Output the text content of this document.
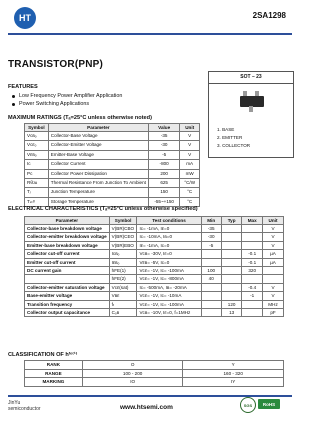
HT	2SA1298
TRANSISTOR(PNP)
FEATURES
Low Frequency Power Amplifier Application
Power Switching Applications
SOT – 23
1. BASE
2. EMITTER
3. COLLECTOR
MAXIMUM RATINGS (Tₐ=25°C unless otherwise noted)
Symbol	Parameter	Value	Unit
Vᴄʙₒ	Collector-Base Voltage	-35	V
Vᴄᴇₒ	Collector-Emitter Voltage	-30	V
Vᴇʙₒ	Emitter-Base Voltage	-5	V
Iᴄ	Collector Current	-800	mA
Pᴄ	Collector Power Dissipation	200	mW
Rθᴊᴀ	Thermal Resistance From Junction To Ambient	625	°C/W
Tⱼ	Junction Temperature	150	°C
Tₛₜᵍ	Storage Temperature	-55~+150	°C
ELECTRICAL CHARACTERISTICS (Tₐ=25°C unless otherwise specified)
Parameter	Symbol	Test conditions	Min	Typ	Max	Unit
Collector-base breakdown voltage	V(BR)CBO	Iᴄ= -1mA, Iᴇ=0	-35			V
Collector-emitter breakdown voltage	V(BR)CEO	Iᴄ= -10mA, Iʙ=0	-30			V
Emitter-base breakdown voltage	V(BR)EBO	Iᴇ= -1mA, Iᴄ=0	-5			V
Collector cut-off current	Iᴄʙₒ	Vᴄʙ= -30V, Iᴇ=0			-0.1	µA
Emitter cut-off current	Iᴇʙₒ	Vᴇʙ= -5V, Iᴄ=0			-0.1	µA
DC current gain	hFE(1)	Vᴄᴇ= -1V, Iᴄ= -100mA	100		320	
	hFE(2)	Vᴄᴇ= -1V, Iᴄ= -800mA	40			
Collector-emitter saturation voltage	Vᴄᴇ(sat)	Iᴄ= -500mA, Iʙ= -20mA			-0.4	V
Base-emitter voltage	Vʙᴇ	Vᴄᴇ= -1V, Iᴄ= -10mA			-1	V
Transition frequency	fₜ	Vᴄᴇ= -1V, Iᴄ= -100mA		120		MHz
Collector output capacitance	Cₒʙ	Vᴄʙ= -10V, Iᴇ=0, f=1MHz		13		pF
CLASSIFICATION OF hᶠᵉ⁽¹⁾
RANK	O	Y
RANGE	100 - 200	160 - 320
MARKING	IO	IY
JinYu
semiconductor	www.htsemi.com	SGS	RoHS
